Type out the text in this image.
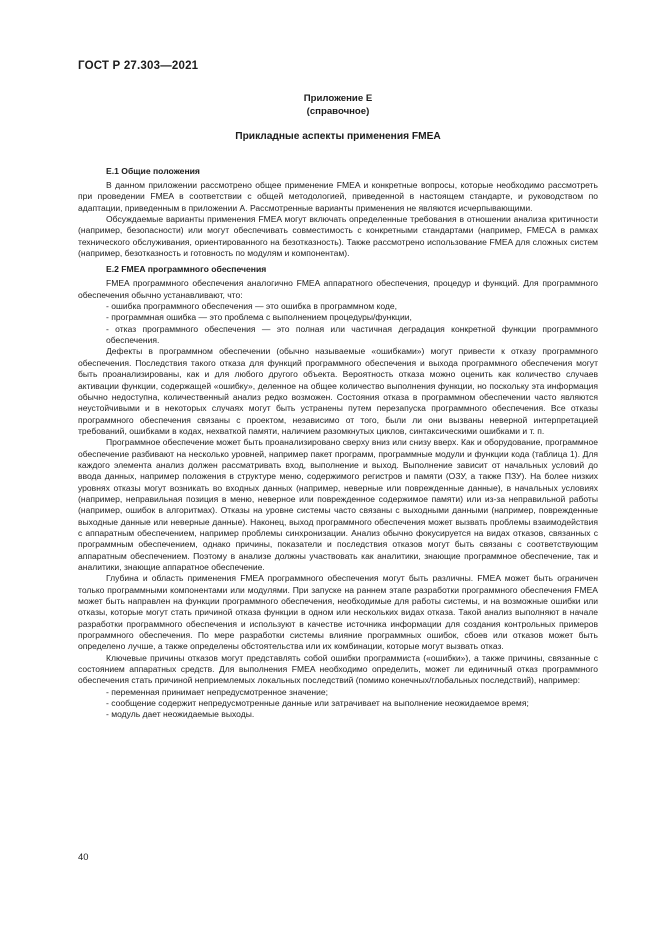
ГОСТ Р 27.303—2021
Приложение Е
(справочное)
Прикладные аспекты применения FMEA
Е.1 Общие положения

В данном приложении рассмотрено общее применение FMEA и конкретные вопросы, которые необходимо рассмотреть при проведении FMEA в соответствии с общей методологией, приведенной в настоящем стандарте, и руководством по адаптации, приведенным в приложении А. Рассмотренные варианты применения не являются исчерпывающими.

Обсуждаемые варианты применения FMEA могут включать определенные требования в отношении анализа критичности (например, безопасности) или могут обеспечивать совместимость с конкретными стандартами (например, FMECA в рамках технического обслуживания, ориентированного на безотказность). Также рассмотрено использование FMEA для сложных систем (например, безотказность и готовность по модулям и компонентам).

Е.2 FMEA программного обеспечения

FMEA программного обеспечения аналогично FMEA аппаратного обеспечения, процедур и функций. Для программного обеспечения обычно устанавливают, что:

- ошибка программного обеспечения — это ошибка в программном коде,

- программная ошибка — это проблема с выполнением процедуры/функции,

- отказ программного обеспечения — это полная или частичная деградация конкретной функции программного обеспечения.

Дефекты в программном обеспечении (обычно называемые «ошибками») могут привести к отказу программного обеспечения. Последствия такого отказа для функций программного обеспечения и выхода программного обеспечения могут быть проанализированы, как и для любого другого объекта. Вероятность отказа можно оценить как количество случаев активации функции, содержащей «ошибку», деленное на общее количество выполнения функции, но поскольку эта информация обычно недоступна, количественный анализ редко возможен. Состояния отказа в программном обеспечении часто являются неустойчивыми и в некоторых случаях могут быть устранены путем перезапуска программного обеспечения. Все отказы программного обеспечения связаны с проектом, независимо от того, были ли они вызваны неверной интерпретацией требований, ошибками в кодах, нехваткой памяти, наличием разомкнутых циклов, синтаксическими ошибками и т. п.

Программное обеспечение может быть проанализировано сверху вниз или снизу вверх. Как и оборудование, программное обеспечение разбивают на несколько уровней, например пакет программ, программные модули и функции кода (таблица 1). Для каждого элемента анализ должен рассматривать вход, выполнение и выход. Выполнение зависит от начальных условий до ввода данных, например положения в структуре меню, содержимого регистров и памяти (ОЗУ, а также ПЗУ). На более низких уровнях отказы могут возникать во входных данных (например, неверные или поврежденные данные), в начальных условиях (например, неправильная позиция в меню, неверное или поврежденное содержимое памяти) или из-за неправильной работы (например, ошибок в алгоритмах). Отказы на уровне системы часто связаны с выходными данными (например, поврежденные выходные данные или неверные данные). Наконец, выход программного обеспечения может вызвать проблемы взаимодействия с аппаратным обеспечением, например проблемы синхронизации. Анализ обычно фокусируется на видах отказов, связанных с программным обеспечением, однако причины, показатели и последствия отказов могут быть связаны с соответствующим аппаратным обеспечением. Поэтому в анализе должны участвовать как аналитики, знающие программное обеспечение, так и аналитики, знающие аппаратное обеспечение.

Глубина и область применения FMEA программного обеспечения могут быть различны. FMEA может быть ограничен только программными компонентами или модулями. При запуске на раннем этапе разработки программного обеспечения FMEA может быть направлен на функции программного обеспечения, необходимые для работы системы, и на возможные ошибки или отказы, которые могут стать причиной отказа функции в одном или нескольких видах отказа. Такой анализ выполняют в начале разработки программного обеспечения и используют в качестве источника информации для создания контрольных примеров программного обеспечения. По мере разработки системы влияние программных ошибок, сбоев или отказов может быть определено лучше, а также определены обстоятельства или их комбинации, которые могут вызвать отказ.

Ключевые причины отказов могут представлять собой ошибки программиста («ошибки»), а также причины, связанные с состоянием аппаратных средств. Для выполнения FMEA необходимо определить, может ли единичный отказ программного обеспечения стать причиной неприемлемых локальных последствий (помимо конечных/глобальных последствий), например:

- переменная принимает непредусмотренное значение;

- сообщение содержит непредусмотренные данные или затрачивает на выполнение неожидаемое время;

- модуль дает неожидаемые выходы.

40
